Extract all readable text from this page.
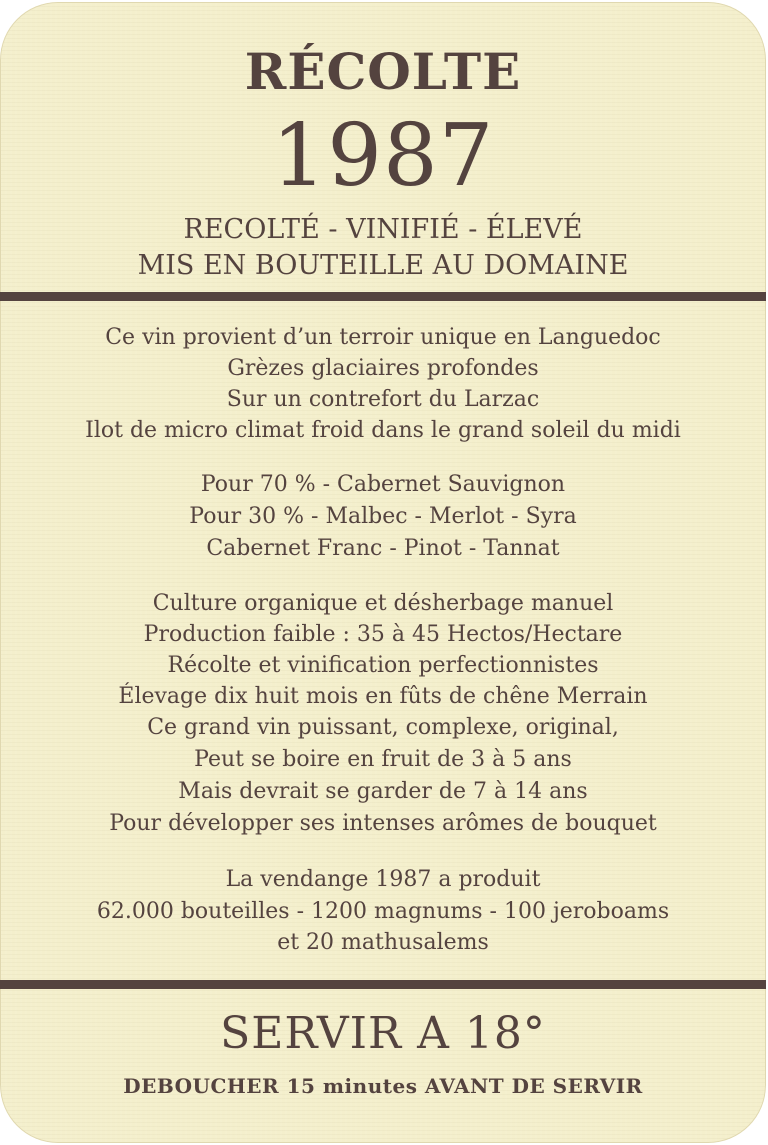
RÉCOLTE
1987
RECOLTÉ - VINIFIÉ - ÉLEVÉ
MIS EN BOUTEILLE AU DOMAINE
Ce vin provient d’un terroir unique en Languedoc
Grèzes glaciaires profondes
Sur un contrefort du Larzac
Ilot de micro climat froid dans le grand soleil du midi
Pour 70 % - Cabernet Sauvignon
Pour 30 % - Malbec - Merlot - Syra
Cabernet Franc - Pinot - Tannat
Culture organique et désherbage manuel
Production faible : 35 à 45 Hectos/Hectare
Récolte et vinification perfectionnistes
Élevage dix huit mois en fûts de chêne Merrain
Ce grand vin puissant, complexe, original,
Peut se boire en fruit de 3 à 5 ans
Mais devrait se garder de 7 à 14 ans
Pour développer ses intenses arômes de bouquet
La vendange 1987 a produit
62.000 bouteilles - 1200 magnums - 100 jeroboams
et 20 mathusalems
SERVIR A 18°
DEBOUCHER 15 minutes AVANT DE SERVIR
